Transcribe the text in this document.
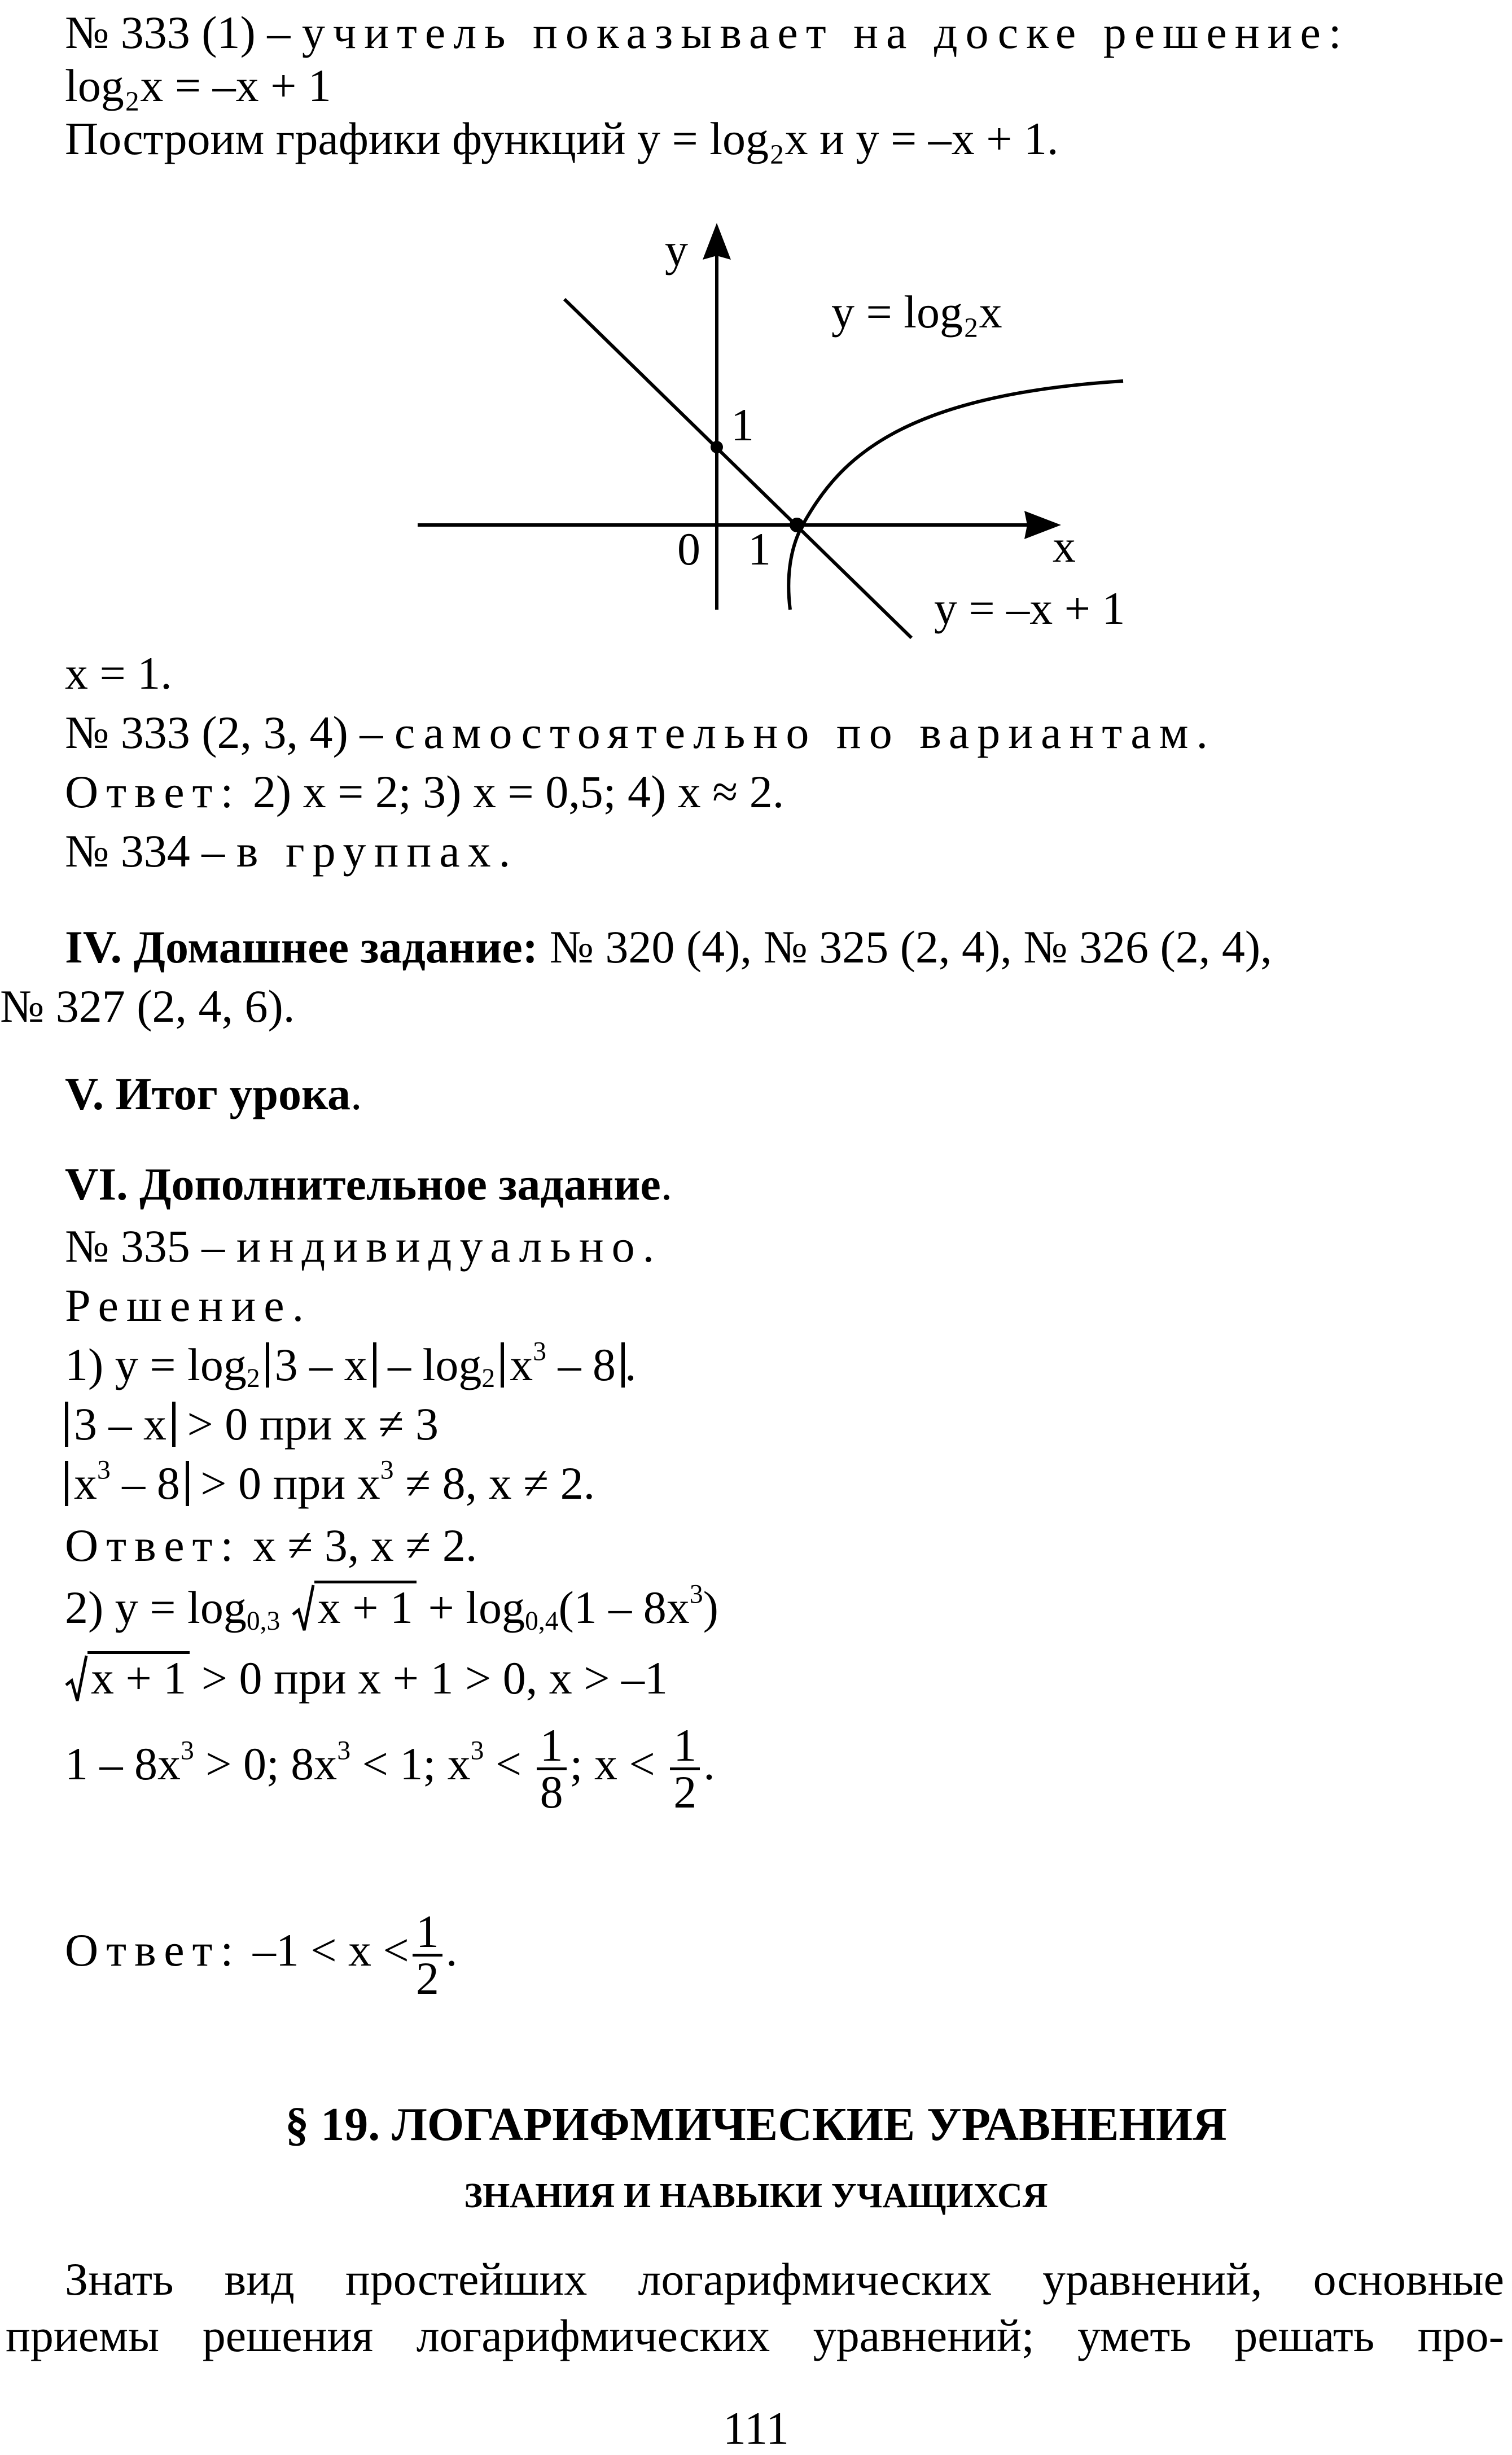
№ 333 (1) – учитель показывает на доске решение:
log₂x = –x + 1
Построим графики функций y = log₂x и y = –x + 1.
y
x
0 1
1
y = log₂x
y = –x + 1
x = 1.
№ 333 (2, 3, 4) – самостоятельно по вариантам.
Ответ: 2) x = 2; 3) x = 0,5; 4) x ≈ 2.
№ 334 – в группах.
IV. Домашнее задание: № 320 (4), № 325 (2, 4), № 326 (2, 4),
№ 327 (2, 4, 6).
V. Итог урока.
VI. Дополнительное задание.
№ 335 – индивидуально.
Решение.
1) $y = \log_2 3 - x - \log_2 x^3 - 8$ .
3 – x > 0 при x ≠ 3
$x^3 - 8 > 0$ при $x^3 \ne 8$, x ≠ 2.
Ответ: x ≠ 3, x ≠ 2.
2) $y = \log_{0,3} x + 1 + \log_{0,4}(1 - 8x^3)$
x + 1 > 0 при x + 1 > 0, x > –1
$1 - 8x^3 > 0$; $8x^3 < 1$; $x^3 < \frac{1}{8}$ ; $x < \frac{1}{2}$ .
Ответ: $-1 < x < \frac{1}{2}$ .
§ 19. ЛОГАРИФМИЧЕСКИЕ УРАВНЕНИЯ
ЗНАНИЯ И НАВЫКИ УЧАЩИХСЯ
Знать вид простейших логарифмических уравнений, основные
приемы решения логарифмических уравнений; уметь решать про-
111
